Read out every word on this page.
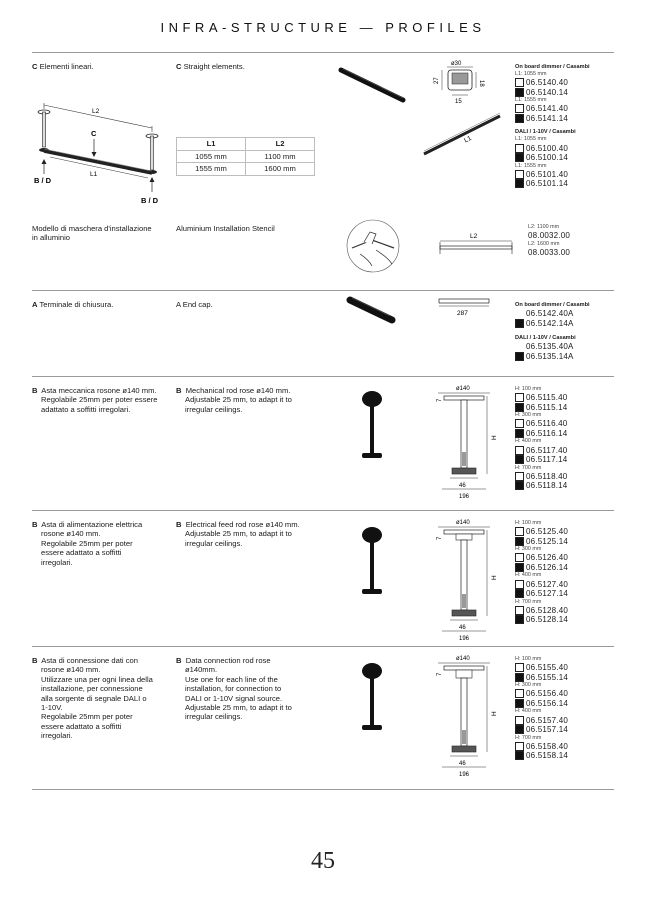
INFRA-STRUCTURE — PROFILES
C Elementi lineari.	C Straight elements.
L2
L1
C
B / D
B / D
L1	L2
1055 mm	1100 mm
1555 mm	1600 mm
ø30
27	18
15
L1
On board dimmer / Casambi
L1: 1055 mm
06.5140.40
06.5140.14
L1: 1555 mm
06.5141.40
06.5141.14
DALI / 1-10V / Casambi
L1: 1055 mm
06.5100.40
06.5100.14
L1: 1555 mm
06.5101.40
06.5101.14
Modello di maschera d'installazione
in alluminio
Aluminium Installation Stencil
L2
L2: 1100 mm
08.0032.00
L2: 1600 mm
08.0033.00
A Terminale di chiusura.	A End cap.
287
On board dimmer / Casambi
06.5142.40A
06.5142.14A
DALI / 1-10V / Casambi
06.5135.40A
06.5135.14A
B Asta meccanica rosone ø140 mm.
Regolabile 25mm per poter essere
adattato a soffitti irregolari.
B Mechanical rod rose ø140 mm.
Adjustable 25 mm, to adapt it to
irregular ceilings.
ø140
7
H
46
196
H: 100 mm
06.5115.40
06.5115.14
H: 300 mm
06.5116.40
06.5116.14
H: 400 mm
06.5117.40
06.5117.14
H: 700 mm
06.5118.40
06.5118.14
B Asta di alimentazione elettrica
rosone ø140 mm.
Regolabile 25mm per poter
essere adattato a soffitti
irregolari.
B Electrical feed rod rose ø140 mm.
Adjustable 25 mm, to adapt it to
irregular ceilings.
ø140
7
H
46
196
H: 100 mm
06.5125.40
06.5125.14
H: 300 mm
06.5126.40
06.5126.14
H: 400 mm
06.5127.40
06.5127.14
H: 700 mm
06.5128.40
06.5128.14
B Asta di connessione dati con
rosone ø140 mm.
Utilizzare una per ogni linea della
installazione, per connessione
alla sorgente di segnale DALI o
1-10V.
Regolabile 25mm per poter
essere adattato a soffitti
irregolari.
B Data connection rod rose
ø140mm.
Use one for each line of the
installation, for connection to
DALI or 1-10V signal source.
Adjustable 25 mm, to adapt it to
irregular ceilings.
ø140
7
H
46
196
H: 100 mm
06.5155.40
06.5155.14
H: 300 mm
06.5156.40
06.5156.14
H: 400 mm
06.5157.40
06.5157.14
H: 700 mm
06.5158.40
06.5158.14
45
